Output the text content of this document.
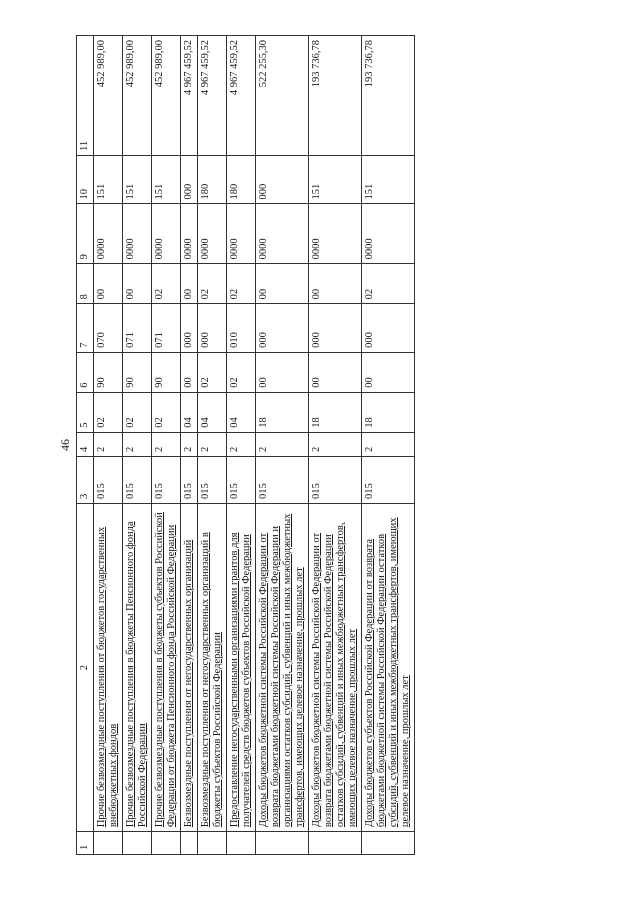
46
1	2	3	4	5	6	7	8	9	10	11
	Прочие безвозмездные поступления от бюджетов государственных внебюджетных фондов	015	2	02	90	070	00	0000	151	452 989,00
	Прочие безвозмездные поступления в бюджеты Пенсионного фонда Российской Федерации	015	2	02	90	071	00	0000	151	452 989,00
	Прочие безвозмездные поступления в бюджеты субъектов Российской Федерации от бюджета Пенсионного фонда Российской Федерации	015	2	02	90	071	02	0000	151	452 989,00
	Безвозмездные поступления от негосударственных организаций	015	2	04	00	000	00	0000	000	4 967 459,52
	Безвозмездные поступления от негосударственных организаций в бюджеты субъектов Российской Федерации	015	2	04	02	000	02	0000	180	4 967 459,52
	Предоставление негосударственными организациями грантов для получателей средств бюджетов субъектов Российской Федерации	015	2	04	02	010	02	0000	180	4 967 459,52
	Доходы бюджетов бюджетной системы Российской Федерации от возврата бюджетами бюджетной системы Российской Федерации и организациями остатков субсидий, субвенций и иных межбюджетных трансфертов, имеющих целевое назначение, прошлых лет	015	2	18	00	000	00	0000	000	522 255,30
	Доходы бюджетов бюджетной системы Российской Федерации от возврата бюджетами бюджетной системы Российской Федерации остатков субсидий, субвенций и иных межбюджетных трансфертов, имеющих целевое назначение, прошлых лет	015	2	18	00	000	00	0000	151	193 736,78
	Доходы бюджетов субъектов Российской Федерации от возврата бюджетами бюджетной системы Российской Федерации остатков субсидий, субвенций и иных межбюджетных трансфертов, имеющих целевое назначение, прошлых лет	015	2	18	00	000	02	0000	151	193 736,78
